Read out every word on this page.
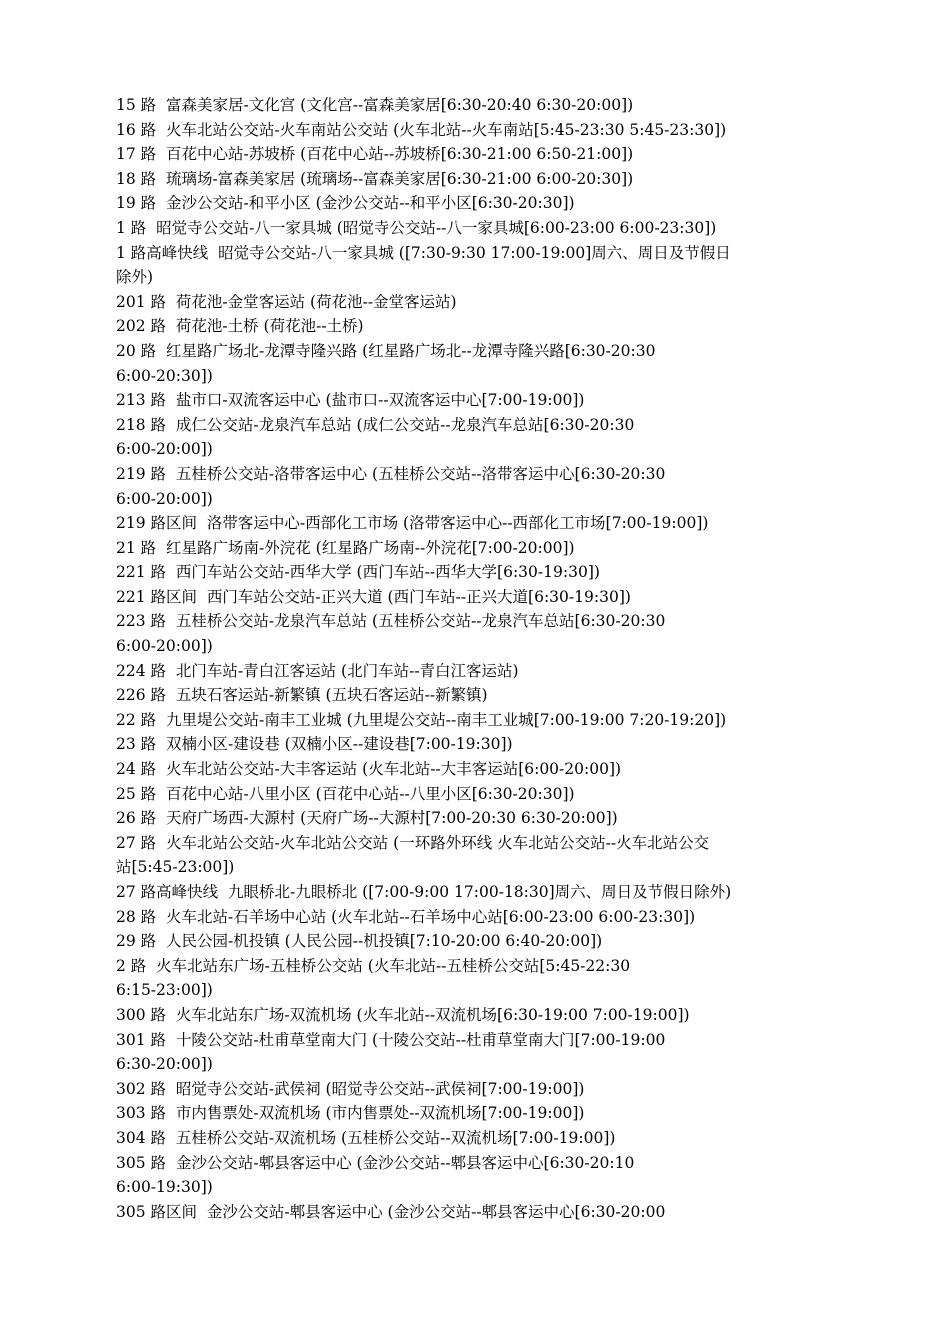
15 路  富森美家居-文化宫 (文化宫--富森美家居[6:30-20:40 6:30-20:00])
16 路  火车北站公交站-火车南站公交站 (火车北站--火车南站[5:45-23:30 5:45-23:30])
17 路  百花中心站-苏坡桥 (百花中心站--苏坡桥[6:30-21:00 6:50-21:00])
18 路  琉璃场-富森美家居 (琉璃场--富森美家居[6:30-21:00 6:00-20:30])
19 路  金沙公交站-和平小区 (金沙公交站--和平小区[6:30-20:30])
1 路  昭觉寺公交站-八一家具城 (昭觉寺公交站--八一家具城[6:00-23:00 6:00-23:30])
1 路高峰快线  昭觉寺公交站-八一家具城 ([7:30-9:30 17:00-19:00]周六、周日及节假日
除外)
201 路  荷花池-金堂客运站 (荷花池--金堂客运站)
202 路  荷花池-土桥 (荷花池--土桥)
20 路  红星路广场北-龙潭寺隆兴路 (红星路广场北--龙潭寺隆兴路[6:30-20:30
6:00-20:30])
213 路  盐市口-双流客运中心 (盐市口--双流客运中心[7:00-19:00])
218 路  成仁公交站-龙泉汽车总站 (成仁公交站--龙泉汽车总站[6:30-20:30
6:00-20:00])
219 路  五桂桥公交站-洛带客运中心 (五桂桥公交站--洛带客运中心[6:30-20:30
6:00-20:00])
219 路区间  洛带客运中心-西部化工市场 (洛带客运中心--西部化工市场[7:00-19:00])
21 路  红星路广场南-外浣花 (红星路广场南--外浣花[7:00-20:00])
221 路  西门车站公交站-西华大学 (西门车站--西华大学[6:30-19:30])
221 路区间  西门车站公交站-正兴大道 (西门车站--正兴大道[6:30-19:30])
223 路  五桂桥公交站-龙泉汽车总站 (五桂桥公交站--龙泉汽车总站[6:30-20:30
6:00-20:00])
224 路  北门车站-青白江客运站 (北门车站--青白江客运站)
226 路  五块石客运站-新繁镇 (五块石客运站--新繁镇)
22 路  九里堤公交站-南丰工业城 (九里堤公交站--南丰工业城[7:00-19:00 7:20-19:20])
23 路  双楠小区-建设巷 (双楠小区--建设巷[7:00-19:30])
24 路  火车北站公交站-大丰客运站 (火车北站--大丰客运站[6:00-20:00])
25 路  百花中心站-八里小区 (百花中心站--八里小区[6:30-20:30])
26 路  天府广场西-大源村 (天府广场--大源村[7:00-20:30 6:30-20:00])
27 路  火车北站公交站-火车北站公交站 (一环路外环线 火车北站公交站--火车北站公交
站[5:45-23:00])
27 路高峰快线  九眼桥北-九眼桥北 ([7:00-9:00 17:00-18:30]周六、周日及节假日除外)
28 路  火车北站-石羊场中心站 (火车北站--石羊场中心站[6:00-23:00 6:00-23:30])
29 路  人民公园-机投镇 (人民公园--机投镇[7:10-20:00 6:40-20:00])
2 路  火车北站东广场-五桂桥公交站 (火车北站--五桂桥公交站[5:45-22:30
6:15-23:00])
300 路  火车北站东广场-双流机场 (火车北站--双流机场[6:30-19:00 7:00-19:00])
301 路  十陵公交站-杜甫草堂南大门 (十陵公交站--杜甫草堂南大门[7:00-19:00
6:30-20:00])
302 路  昭觉寺公交站-武侯祠 (昭觉寺公交站--武侯祠[7:00-19:00])
303 路  市内售票处-双流机场 (市内售票处--双流机场[7:00-19:00])
304 路  五桂桥公交站-双流机场 (五桂桥公交站--双流机场[7:00-19:00])
305 路  金沙公交站-郫县客运中心 (金沙公交站--郫县客运中心[6:30-20:10
6:00-19:30])
305 路区间  金沙公交站-郫县客运中心 (金沙公交站--郫县客运中心[6:30-20:00
